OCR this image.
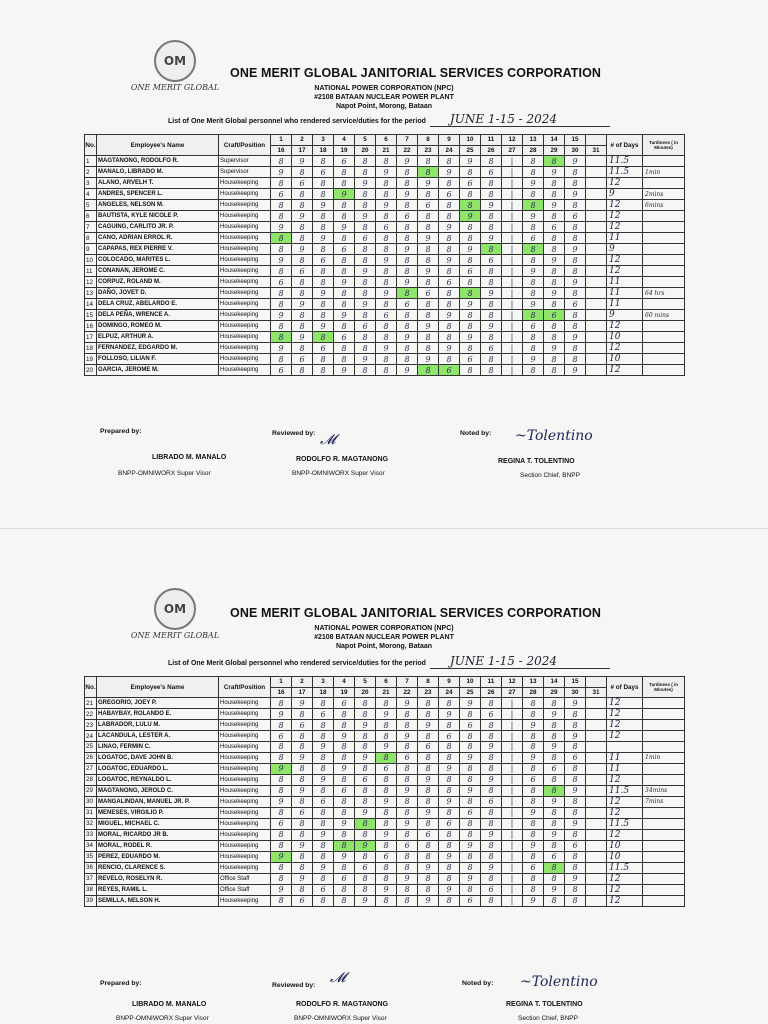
OM
ONE MERIT GLOBAL
ONE MERIT GLOBAL JANITORIAL SERVICES CORPORATION
NATIONAL POWER CORPORATION (NPC)
#2108 BATAAN NUCLEAR POWER PLANT
Napot Point, Morong, Bataan
List of One Merit Global personnel who rendered service/duties for the period JUNE 1-15 - 2024
No.	Employee's Name	Craft/Position	1	2	3	4	5	6	7	8	9	10	11	12	13	14	15		# of Days	Tardiness ( in Minutes)
			16	17	18	19	20	21	22	23	24	25	26	27	28	29	30	31		
1	MAGTANONG, RODOLFO R.	Supervisor	8	9	8	6	8	8	9	8	8	9	8	|	8	8	9		11.5	
2	MANALO, LIBRADO M.	Supervisor	9	8	6	8	8	9	8	8	9	8	6	|	8	9	8		11.5	1min
3	ALANO, ARVELH T.	Housekeeping	8	6	8	8	9	8	8	9	8	6	8	|	9	8	8		12	
4	ANDRES, SPENCER L.	Housekeeping	6	8	8	9	8	8	9	8	6	8	8	|	8	8	9		9	2mins
5	ANGELES, NELSON M.	Housekeeping	8	8	9	8	8	9	8	6	8	8	9	|	8	9	8		12	6mins
6	BAUTISTA, KYLE NICOLE P.	Housekeeping	8	9	8	8	9	8	6	8	8	9	8	|	9	8	6		12	
7	CAGUING, CARLITO JR. P.	Housekeeping	9	8	8	9	8	6	8	8	9	8	8	|	8	6	8		12	
8	CANO, ADRIAN ERROL R.	Housekeeping	8	8	9	8	6	8	8	9	8	8	9	|	6	8	8		11	
9	CAPAPAS, REX PIERRE V.	Housekeeping	8	9	8	6	8	8	9	8	8	9	8	|	8	8	9		9	
10	COLOCADO, MARITES L.	Housekeeping	9	8	6	8	8	9	8	8	9	8	6	|	8	9	8		12	
11	CONANAN, JEROME C.	Housekeeping	8	6	8	8	9	8	8	9	8	6	8	|	9	8	8		12	
12	CORPUZ, ROLAND M.	Housekeeping	6	8	8	9	8	8	9	8	6	8	8	|	8	8	9		11	
13	DAÑO, JOVET D.	Housekeeping	8	8	9	8	8	9	8	6	8	8	9	|	8	9	8		11	64 hrs
14	DELA CRUZ, ABELARDO E.	Housekeeping	8	9	8	8	9	8	6	8	8	9	8	|	9	8	6		11	
15	DELA PEÑA, WRENCE A.	Housekeeping	9	8	8	9	8	6	8	8	9	8	8	|	8	6	8		9	60 mins
16	DOMINGO, ROMEO M.	Housekeeping	8	8	9	8	6	8	8	9	8	8	9	|	6	8	8		12	
17	ELPUZ, ARTHUR A.	Housekeeping	8	9	8	6	8	8	9	8	8	9	8	|	8	8	9		10	
18	FERNANDEZ, EDGARDO M.	Housekeeping	9	8	6	8	8	9	8	8	9	8	6	|	8	9	8		12	
19	FOLLOSO, LILIAN F.	Housekeeping	8	6	8	8	9	8	8	9	8	6	8	|	9	8	8		10	
20	GARCIA, JEROME M.	Housekeeping	6	8	8	9	8	8	9	8	6	8	8	|	8	8	9		12	
Prepared by:	Reviewed by:	Noted by:
𝓜	~Tolentino
LIBRADO M. MANALO
BNPP-OMNIWORX Super Visor
RODOLFO R. MAGTANONG
BNPP-OMNIWORX Super Visor
REGINA T. TOLENTINO
Section Chief, BNPP
OM
ONE MERIT GLOBAL
ONE MERIT GLOBAL JANITORIAL SERVICES CORPORATION
NATIONAL POWER CORPORATION (NPC)
#2108 BATAAN NUCLEAR POWER PLANT
Napot Point, Morong, Bataan
List of One Merit Global personnel who rendered service/duties for the period JUNE 1-15 - 2024
No.	Employee's Name	Craft/Position	1	2	3	4	5	6	7	8	9	10	11	12	13	14	15		# of Days	Tardiness ( in Minutes)
			16	17	18	19	20	21	22	23	24	25	26	27	28	29	30	31		
21	GREGORIO, JOEY P.	Housekeeping	8	9	8	6	8	8	9	8	8	9	8	|	8	8	9		12	
22	HABAYBAY, ROLANDO E.	Housekeeping	9	8	6	8	8	9	8	8	9	8	6	|	8	9	8		12	
23	LABRADOR, LULU M.	Housekeeping	8	6	8	8	9	8	8	9	8	6	8	|	9	8	8		12	
24	LACANDULA, LESTER A.	Housekeeping	6	8	8	9	8	8	9	8	6	8	8	|	8	8	9		12	
25	LINAO, FERMIN C.	Housekeeping	8	8	9	8	8	9	8	6	8	8	9	|	8	9	8			
26	LOGATOC, DAVE JOHN B.	Housekeeping	8	9	8	8	9	8	6	8	8	9	8	|	9	8	6		11	1min
27	LOGATOC, EDUARDO L.	Housekeeping	9	8	8	9	8	6	8	8	9	8	8	|	8	6	8		11	
28	LOGATOC, REYNALDO L.	Housekeeping	8	8	9	8	6	8	8	9	8	8	9	|	6	8	8		12	
29	MAGTANONG, JEROLD C.	Housekeeping	8	9	8	6	8	8	9	8	8	9	8	|	8	8	9		11.5	34mins
30	MANGALINDAN, MANUEL JR. P.	Housekeeping	9	8	6	8	8	9	8	8	9	8	6	|	8	9	8		12	7mins
31	MENESES, VIRGILIO P.	Housekeeping	8	6	8	8	9	8	8	9	8	6	8	|	9	8	8		12	
32	MIGUEL, MICHAEL C.	Housekeeping	6	8	8	9	8	8	9	8	6	8	8	|	8	8	9		11.5	
33	MORAL, RICARDO JR B.	Housekeeping	8	8	9	8	8	9	8	6	8	8	9	|	8	9	8		12	
34	MORAL, RODEL R.	Housekeeping	8	9	8	8	9	8	6	8	8	9	8	|	9	8	6		10	
35	PEREZ, EDUARDO M.	Housekeeping	9	8	8	9	8	6	8	8	9	8	8	|	8	6	8		10	
36	RENCIO, CLARENCE S.	Housekeeping	8	8	9	8	6	8	8	9	8	8	9	|	6	8	8		11.5	
37	REVELO, ROSELYN R.	Office Staff	8	9	8	6	8	8	9	8	8	9	8	|	8	8	9		12	
38	REYES, RAMIL L.	Office Staff	9	8	6	8	8	9	8	8	9	8	6	|	8	9	8		12	
39	SEMILLA, NELSON H.	Housekeeping	8	6	8	8	9	8	8	9	8	6	8	|	9	8	8		12	
Prepared by:	Reviewed by:	Noted by:
𝓜	~Tolentino
LIBRADO M. MANALO
BNPP-OMNIWORX Super Visor
RODOLFO R. MAGTANONG
BNPP-OMNIWORX Super Visor
REGINA T. TOLENTINO
Section Chief, BNPP
